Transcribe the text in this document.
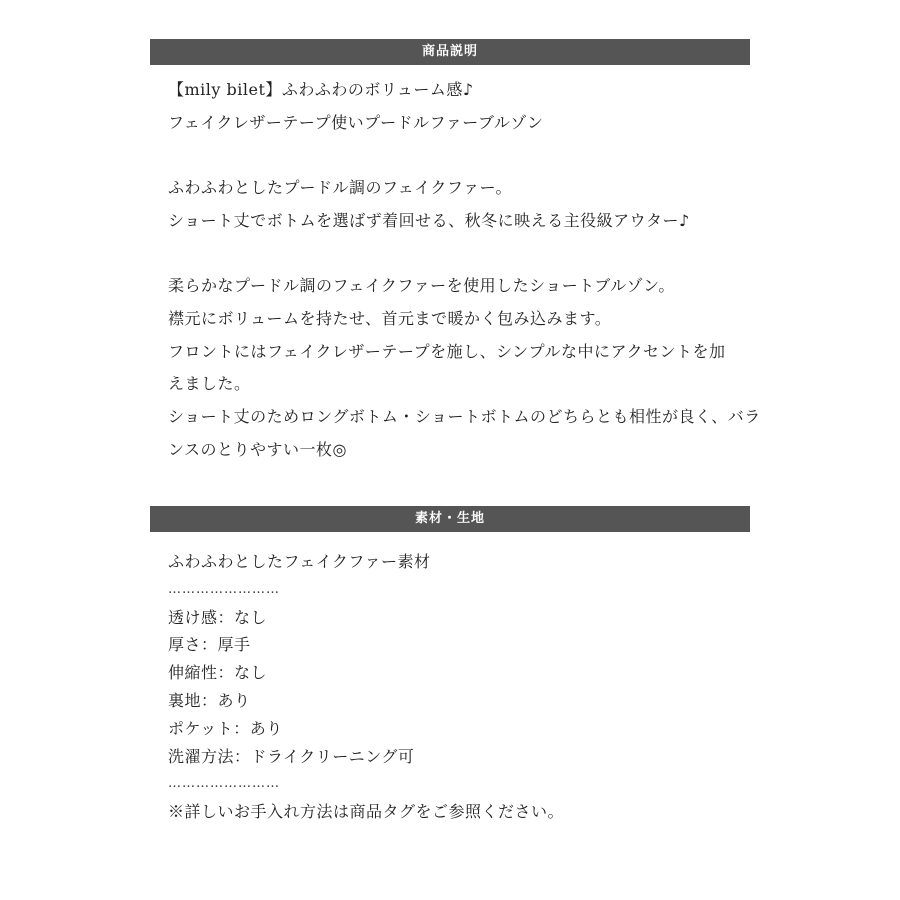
商品説明
【mily bilet】ふわふわのボリューム感♪
フェイクレザーテープ使いプードルファーブルゾン
ふわふわとしたプードル調のフェイクファー。
ショート丈でボトムを選ばず着回せる、秋冬に映える主役級アウター♪
柔らかなプードル調のフェイクファーを使用したショートブルゾン。
襟元にボリュームを持たせ、首元まで暖かく包み込みます。
フロントにはフェイクレザーテープを施し、シンプルな中にアクセントを加
えました。
ショート丈のためロングボトム・ショートボトムのどちらとも相性が良く、バラ
ンスのとりやすい一枚◎
素材・生地
ふわふわとしたフェイクファー素材
……………………
透け感：なし
厚さ：厚手
伸縮性：なし
裏地：あり
ポケット：あり
洗濯方法：ドライクリーニング可
……………………
※詳しいお手入れ方法は商品タグをご参照ください。
